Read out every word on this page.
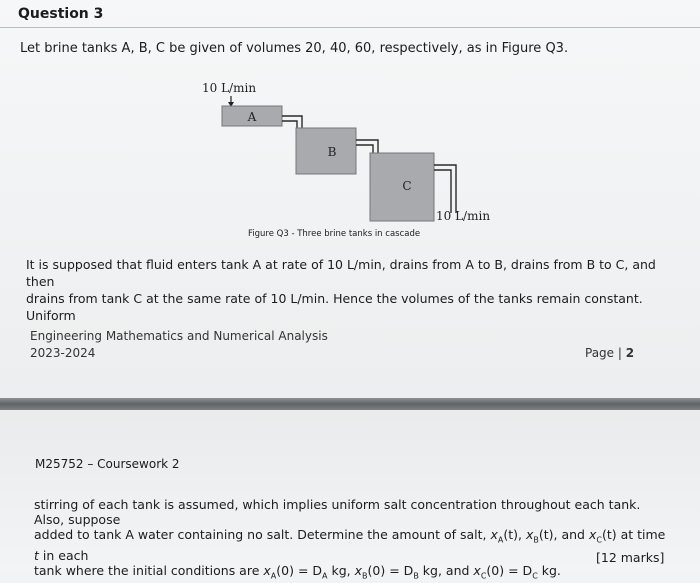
Question 3
Let brine tanks A, B, C be given of volumes 20, 40, 60, respectively, as in Figure Q3.
10 L/min
10 L/min
A
B
C
Figure Q3 - Three brine tanks in cascade

It is supposed that fluid enters tank A at rate of 10 L/min, drains from A to B, drains from B to C, and then

drains from tank C at the same rate of 10 L/min. Hence the volumes of the tanks remain constant. Uniform

Engineering Mathematics and Numerical Analysis
2023-2024	Page | 2
M25752 – Coursework 2

stirring of each tank is assumed, which implies uniform salt concentration throughout each tank. Also, suppose

added to tank A water containing no salt. Determine the amount of salt, $x_A(t)$, $x_B(t)$, and $x_C(t)$ at time t in each

tank where the initial conditions are $x_A(0) = D_A$ kg, $x_B(0) = D_B$ kg, and $x_C(0) = D_C$ kg.

[12 marks]
